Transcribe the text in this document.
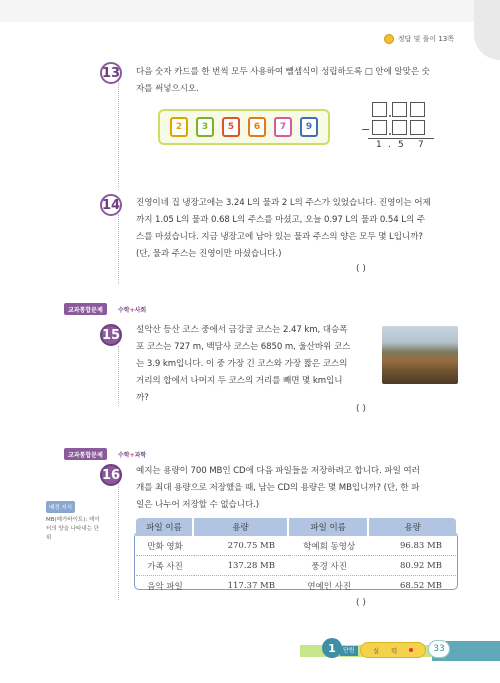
정답 및 풀이 13쪽
13 다음 숫자 카드를 한 번씩 모두 사용하여 뺄셈식이 성립하도록 □ 안에 알맞은 숫
자를 써넣으시오.
2	3	5	6	7	9	−
1 . 5 7
14 진영이네 집 냉장고에는 3.24 L의 물과 2 L의 주스가 있었습니다. 진영이는 어제
까지 1.05 L의 물과 0.68 L의 주스를 마셨고, 오늘 0.97 L의 물과 0.54 L의 주
스를 마셨습니다. 지금 냉장고에 남아 있는 물과 주스의 양은 모두 몇 L입니까?
(단, 물과 주스는 진영이만 마셨습니다.)
( )
교과통합문제	수학+사회
15 설악산 등산 코스 중에서 금강굴 코스는 2.47 km, 대승폭
포 코스는 727 m, 백담사 코스는 6850 m, 울산바위 코스
는 3.9 km입니다. 이 중 가장 긴 코스와 가장 짧은 코스의
거리의 합에서 나머지 두 코스의 거리를 빼면 몇 km입니
까?
( )
교과통합문제	수학+과학
16 예지는 용량이 700 MB인 CD에 다음 파일들을 저장하려고 합니다. 파일 여러
개를 최대 용량으로 저장했을 때, 남는 CD의 용량은 몇 MB입니까? (단, 한 파
일은 나누어 저장할 수 없습니다.)
배경 지식
MB(메가바이트): 데이터의 양을 나타내는 단위
파일 이름	용량	파일 이름	용량
만화 영화	270.75 MB	학예회 동영상	96.83 MB
가족 사진	137.28 MB	풍경 사진	80.92 MB
음악 파일	117.37 MB	연예인 사진	68.52 MB
( )
1	단원	실 력	33
